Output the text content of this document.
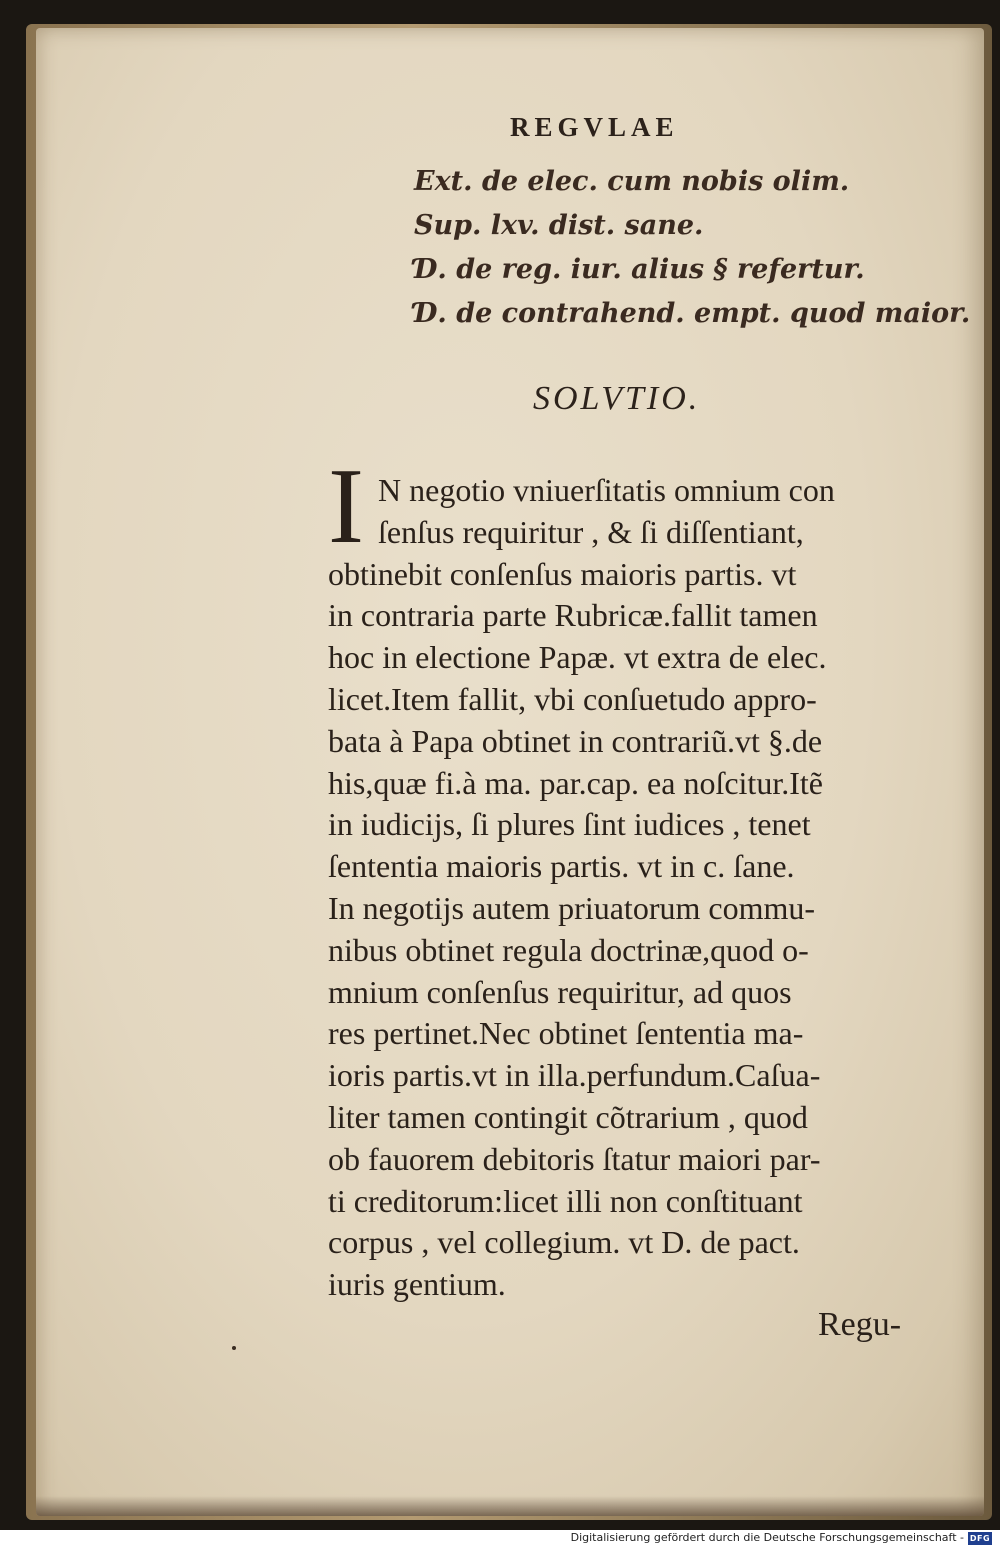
REGVLAE
Ext. de elec. cum nobis olim.
Sup. lxv. dist. sane.
Ɗ. de reg. iur. alius § refertur.
Ɗ. de contrahend. empt. quod maior.
SOLVTIO.
I N negotio vniuerſitatis omnium con
ſenſus requiritur , & ſi diſſentiant,
obtinebit conſenſus maioris partis. vt
in contraria parte Rubricæ.fallit tamen
hoc in electione Papæ. vt extra de elec.
licet.Item fallit, vbi conſuetudo appro-
bata à Papa obtinet in contrariũ.vt §.de
his,quæ fi.à ma. par.cap. ea noſcitur.Itẽ
in iudicijs, ſi plures ſint iudices , tenet
ſententia maioris partis. vt in c. ſane.
In negotijs autem priuatorum commu-
nibus obtinet regula doctrinæ,quod o-
mnium conſenſus requiritur, ad quos
res pertinet.Nec obtinet ſententia ma-
ioris partis.vt in illa.perfundum.Caſua-
liter tamen contingit cõtrarium , quod
ob fauorem debitoris ſtatur maiori par-
ti creditorum:licet illi non conſtituant
corpus , vel collegium. vt D. de pact.
iuris gentium.
Regu-
Digitalisierung gefördert durch die Deutsche Forschungsgemeinschaft - DFG
